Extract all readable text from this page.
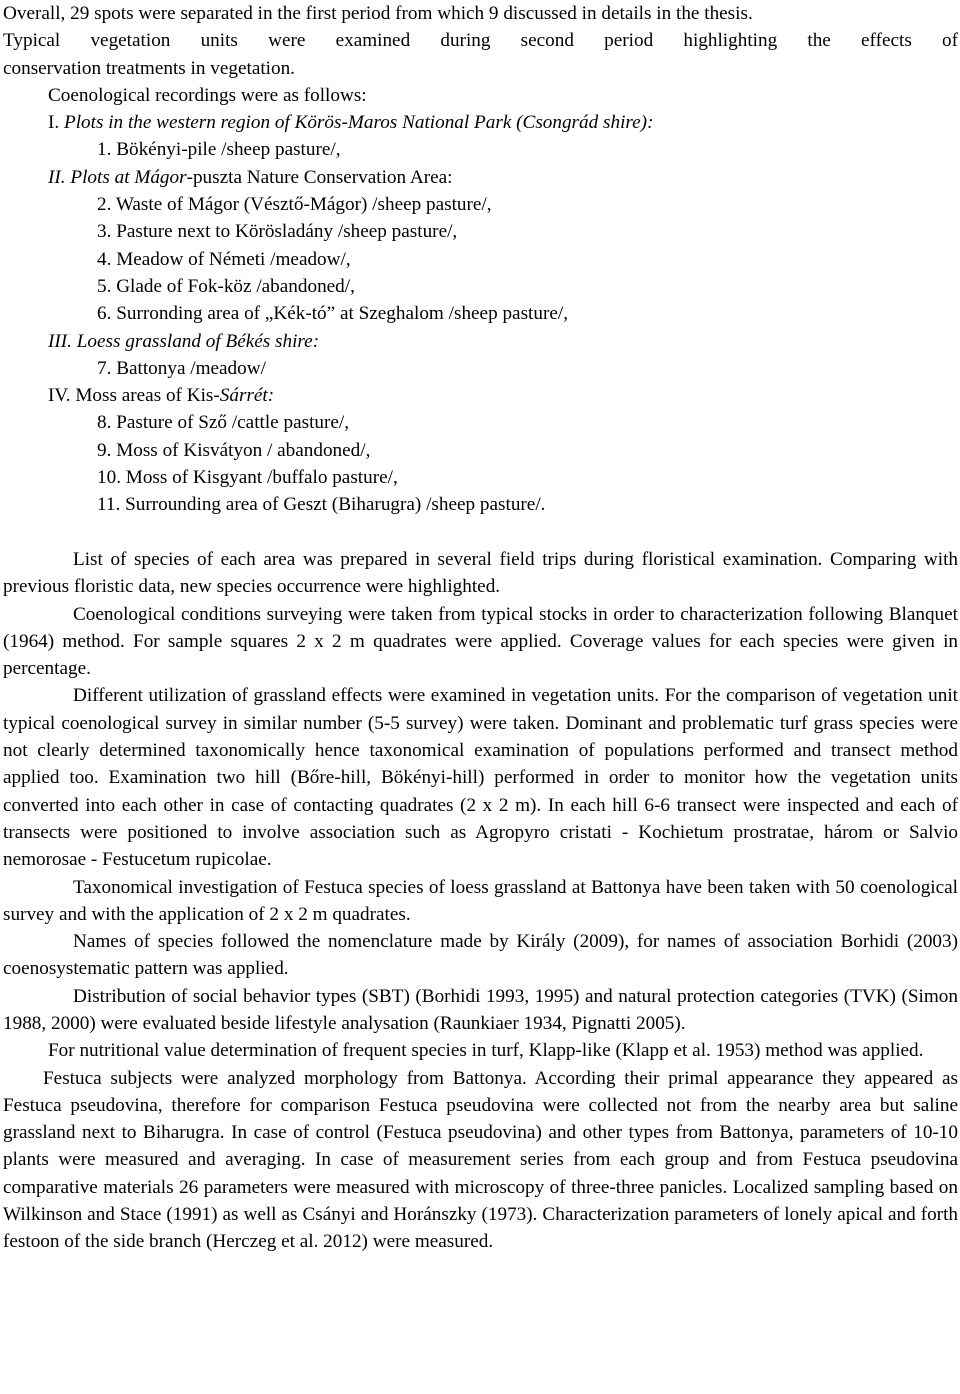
Overall, 29 spots were separated in the first period from which 9 discussed in details in the thesis.
Typical vegetation units were examined during second period highlighting the effects of
conservation treatments in vegetation.
Coenological recordings were as follows:
I. Plots in the western region of Körös-Maros National Park (Csongrád shire):
1. Bökényi-pile /sheep pasture/,
II. Plots at Mágor-puszta Nature Conservation Area:
2. Waste of Mágor (Vésztő-Mágor) /sheep pasture/,
3. Pasture next to Körösladány /sheep pasture/,
4. Meadow of Németi /meadow/,
5. Glade of Fok-köz /abandoned/,
6. Surronding area of „Kék-tó” at Szeghalom /sheep pasture/,
III. Loess grassland of Békés shire:
7. Battonya /meadow/
IV. Moss areas of Kis-Sárrét:
8. Pasture of Sző /cattle pasture/,
9. Moss of Kisvátyon / abandoned/,
10. Moss of Kisgyant /buffalo pasture/,
11. Surrounding area of Geszt (Biharugra) /sheep pasture/.

List of species of each area was prepared in several field trips during floristical examination. Comparing with previous floristic data, new species occurrence were highlighted.

Coenological conditions surveying were taken from typical stocks in order to characterization following Blanquet (1964) method. For sample squares 2 x 2 m quadrates were applied. Coverage values for each species were given in percentage.

Different utilization of grassland effects were examined in vegetation units. For the comparison of vegetation unit typical coenological survey in similar number (5-5 survey) were taken. Dominant and problematic turf grass species were not clearly determined taxonomically hence taxonomical examination of populations performed and transect method applied too. Examination two hill (Bőre-hill, Bökényi-hill) performed in order to monitor how the vegetation units converted into each other in case of contacting quadrates (2 x 2 m). In each hill 6-6 transect were inspected and each of transects were positioned to involve association such as Agropyro cristati - Kochietum prostratae, három or Salvio nemorosae - Festucetum rupicolae.

Taxonomical investigation of Festuca species of loess grassland at Battonya have been taken with 50 coenological survey and with the application of 2 x 2 m quadrates.

Names of species followed the nomenclature made by Király (2009), for names of association Borhidi (2003) coenosystematic pattern was applied.

Distribution of social behavior types (SBT) (Borhidi 1993, 1995) and natural protection categories (TVK) (Simon 1988, 2000) were evaluated beside lifestyle analysation (Raunkiaer 1934, Pignatti 2005).

For nutritional value determination of frequent species in turf, Klapp-like (Klapp et al. 1953) method was applied.

Festuca subjects were analyzed morphology from Battonya. According their primal appearance they appeared as Festuca pseudovina, therefore for comparison Festuca pseudovina were collected not from the nearby area but saline grassland next to Biharugra. In case of control (Festuca pseudovina) and other types from Battonya, parameters of 10-10 plants were measured and averaging. In case of measurement series from each group and from Festuca pseudovina comparative materials 26 parameters were measured with microscopy of three-three panicles. Localized sampling based on Wilkinson and Stace (1991) as well as Csányi and Horánszky (1973). Characterization parameters of lonely apical and forth festoon of the side branch (Herczeg et al. 2012) were measured.
